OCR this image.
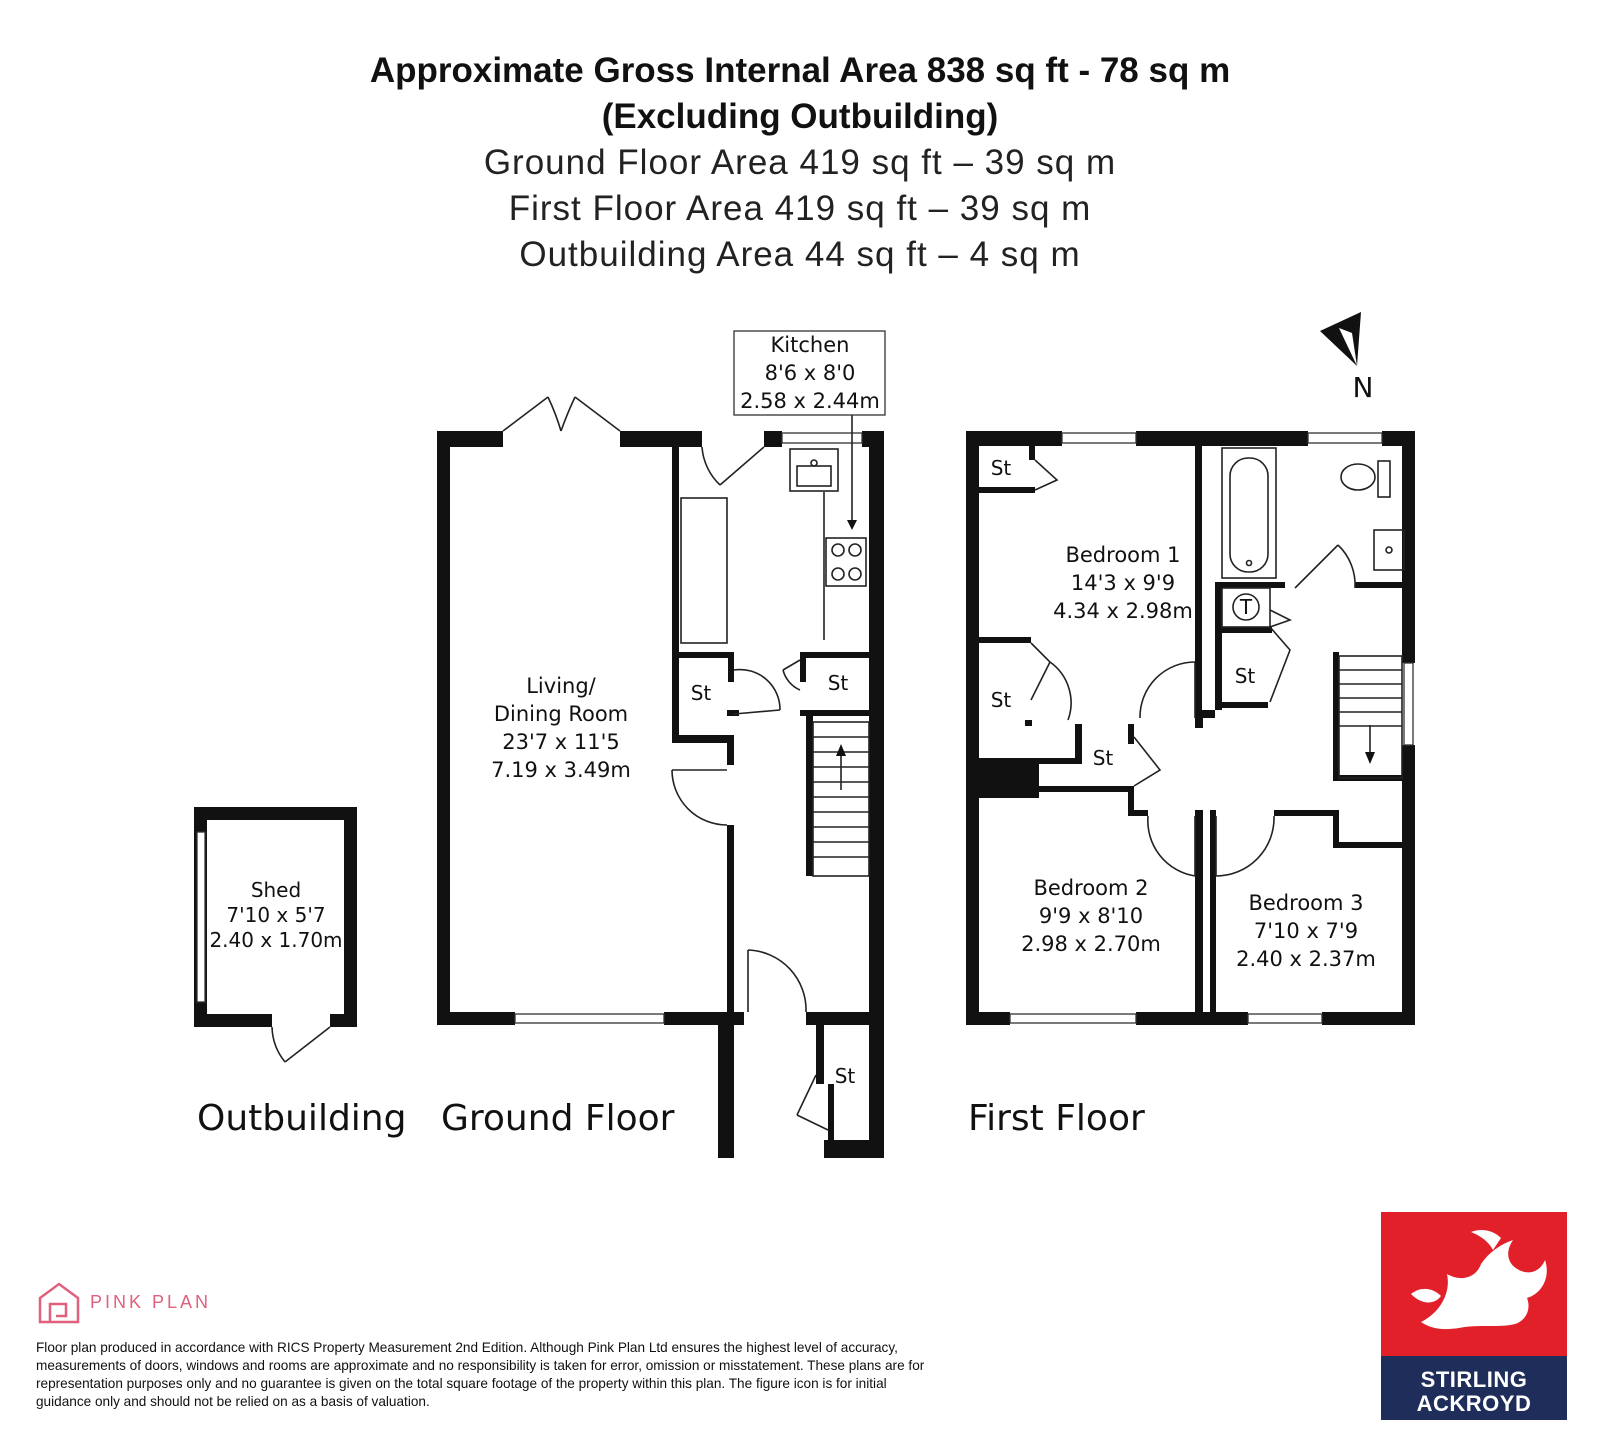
Approximate Gross Internal Area 838 sq ft - 78 sq m
(Excluding Outbuilding)
Ground Floor Area 419 sq ft – 39 sq m
First Floor Area 419 sq ft – 39 sq m
Outbuilding Area 44 sq ft – 4 sq m
N
Kitchen
8'6 x 8'0
2.58 x 2.44m
Living/
Dining Room
23'7 x 11'5
7.19 x 3.49m
Shed
7'10 x 5'7
2.40 x 1.70m
Bedroom 1
14'3 x 9'9
4.34 x 2.98m
Bedroom 2
9'9 x 8'10
2.98 x 2.70m
Bedroom 3
7'10 x 7'9
2.40 x 2.37m
St	St
St
St
St
St
St
T
Outbuilding Ground Floor	First Floor
PINK PLAN
Floor plan produced in accordance with RICS Property Measurement 2nd Edition. Although Pink Plan Ltd ensures the highest level of accuracy, measurements of doors, windows and rooms are approximate and no responsibility is taken for error, omission or misstatement. These plans are for representation purposes only and no guarantee is given on the total square footage of the property within this plan. The figure icon is for initial guidance only and should not be relied on as a basis of valuation.
STIRLING
ACKROYD
